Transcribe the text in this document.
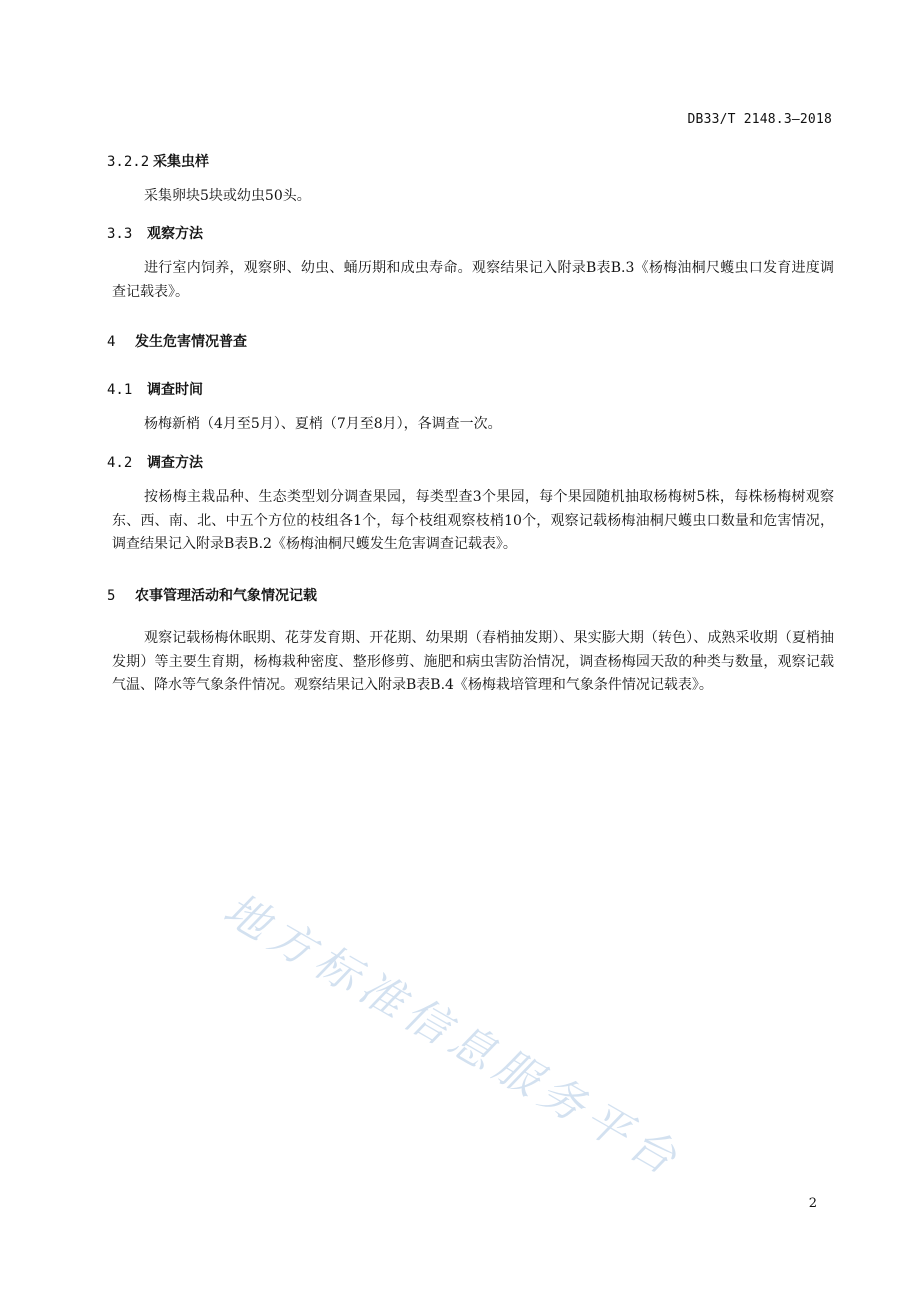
DB33/T 2148.3—2018
3.2.2 采集虫样
采集卵块5块或幼虫50头。
3.3 观察方法
进行室内饲养，观察卵、幼虫、蛹历期和成虫寿命。观察结果记入附录B表B.3《杨梅油桐尺蠖虫口发育进度调查记载表》。
4 发生危害情况普查
4.1 调查时间
杨梅新梢（4月至5月）、夏梢（7月至8月），各调查一次。
4.2 调查方法
按杨梅主栽品种、生态类型划分调查果园，每类型查3个果园，每个果园随机抽取杨梅树5株，每株杨梅树观察东、西、南、北、中五个方位的枝组各1个，每个枝组观察枝梢10个，观察记载杨梅油桐尺蠖虫口数量和危害情况，调查结果记入附录B表B.2《杨梅油桐尺蠖发生危害调查记载表》。
5 农事管理活动和气象情况记载
观察记载杨梅休眠期、花芽发育期、开花期、幼果期（春梢抽发期）、果实膨大期（转色）、成熟采收期（夏梢抽发期）等主要生育期，杨梅栽种密度、整形修剪、施肥和病虫害防治情况，调查杨梅园天敌的种类与数量，观察记载气温、降水等气象条件情况。观察结果记入附录B表B.4《杨梅栽培管理和气象条件情况记载表》。
地方标准信息服务平台
2
